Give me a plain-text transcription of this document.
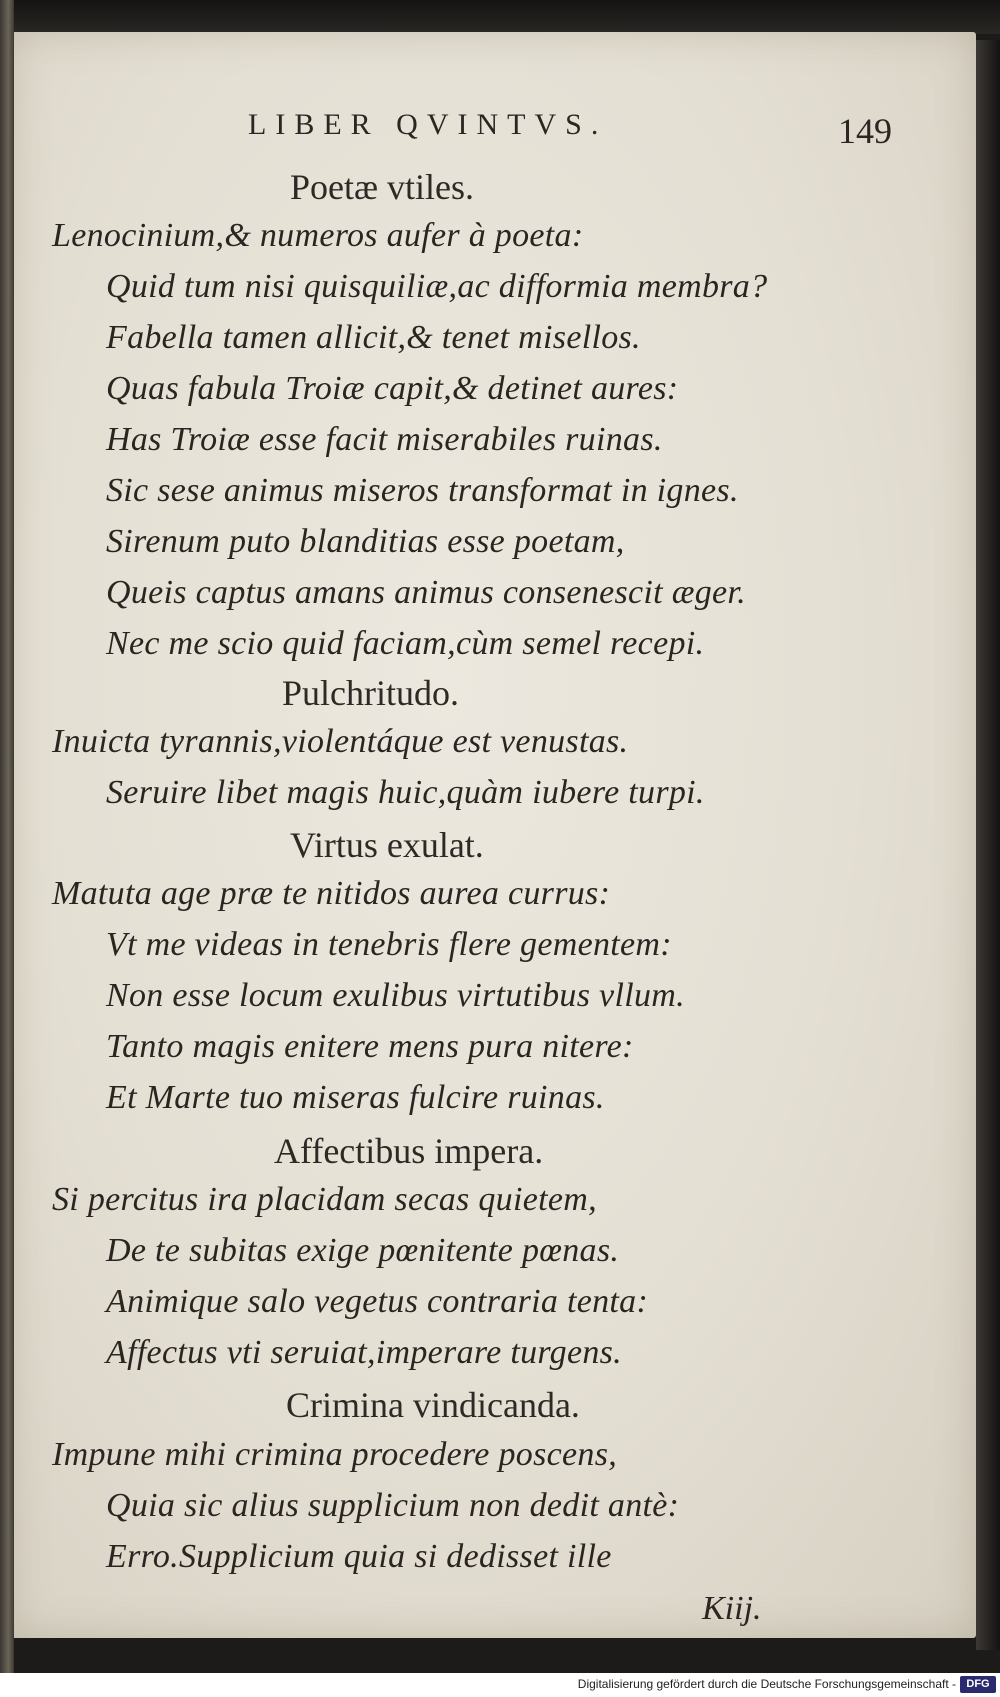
LIBER QVINTVS.	149
Poetæ vtiles.
Lenocinium,& numeros aufer à poeta:
Quid tum nisi quisquiliæ,ac difformia membra?
Fabella tamen allicit,& tenet misellos.
Quas fabula Troiæ capit,& detinet aures:
Has Troiæ esse facit miserabiles ruinas.
Sic sese animus miseros transformat in ignes.
Sirenum puto blanditias esse poetam,
Queis captus amans animus consenescit æger.
Nec me scio quid faciam,cùm semel recepi.
Pulchritudo.
Inuicta tyrannis,violentáque est venustas.
Seruire libet magis huic,quàm iubere turpi.
Virtus exulat.
Matuta age præ te nitidos aurea currus:
Vt me videas in tenebris flere gementem:
Non esse locum exulibus virtutibus vllum.
Tanto magis enitere mens pura nitere:
Et Marte tuo miseras fulcire ruinas.
Affectibus impera.
Si percitus ira placidam secas quietem,
De te subitas exige pœnitente pœnas.
Animique salo vegetus contraria tenta:
Affectus vti seruiat,imperare turgens.
Crimina vindicanda.
Impune mihi crimina procedere poscens,
Quia sic alius supplicium non dedit antè:
Erro.Supplicium quia si dedisset ille
Kiij.
Digitalisierung gefördert durch die Deutsche Forschungsgemeinschaft - DFG
